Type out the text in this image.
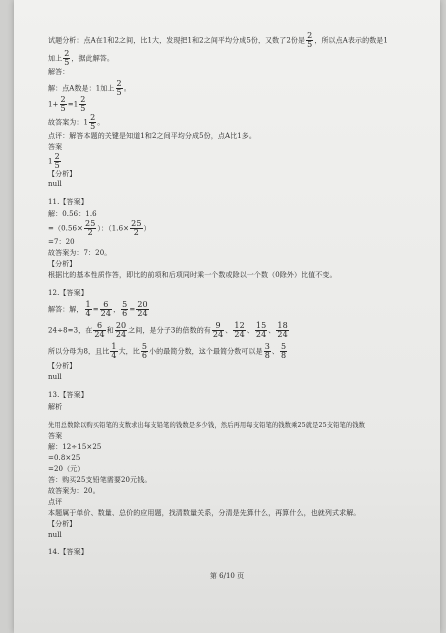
试题分析：点A在1和2之间，比1大，发现把1和2之间平均分成5份，又数了2份是 $\frac{2}{5}$ ，所以点A表示的数是1
加上 $\frac{2}{5}$ ，据此解答。
解答：
解：点A数是：1加上 $\frac{2}{5}$ 。
$1+ \frac{2}{5} =1 \frac{2}{5}$
故答案为：$1 \frac{2}{5}$ 。
点评：解答本题的关键是知道1和2之间平均分成5份，点A比1多。
答案
$1 \frac{2}{5}$
【分析】
null
11.【答案】
解：0.56：1.6
$=(0.56\times \frac{25}{2}$ ）：（$1.6\times \frac{25}{2}$ ）
=7：20
故答案为：7：20。
【分析】
根据比的基本性质作答，即比的前项和后项同时乘一个数或除以一个数（0除外）比值不变。
12.【答案】
解答：解， $\frac{1}{4} = \frac{6}{24}$ ， $\frac{5}{6} = \frac{20}{24}$
24÷8=3，在 $\frac{6}{24}$ 和 $\frac{20}{24}$ 之间，是分子3的倍数的有 $\frac{9}{24}$ 、 $\frac{12}{24}$ 、 $\frac{15}{24}$ 、 $\frac{18}{24}$
所以分母为8，且比 $\frac{1}{4}$ 大，比 $\frac{5}{6}$ 小的最简分数，这个最简分数可以是 $\frac{3}{8}$ 、 $\frac{5}{8}$
【分析】
null
13.【答案】
解析
先用总数除以购买铅笔的支数求出每支铅笔的钱数是多少钱，然后再用每支铅笔的钱数乘25就是25支铅笔的钱数
答案
解：12÷15×25
=0.8×25
=20（元）
答：购买25支铅笔需要20元钱。
故答案为：20。
点评
本题属于单价、数量、总价的应用题，找清数量关系，分清是先算什么，再算什么，也就列式求解。
【分析】
null
14.【答案】
第 6/10 页
